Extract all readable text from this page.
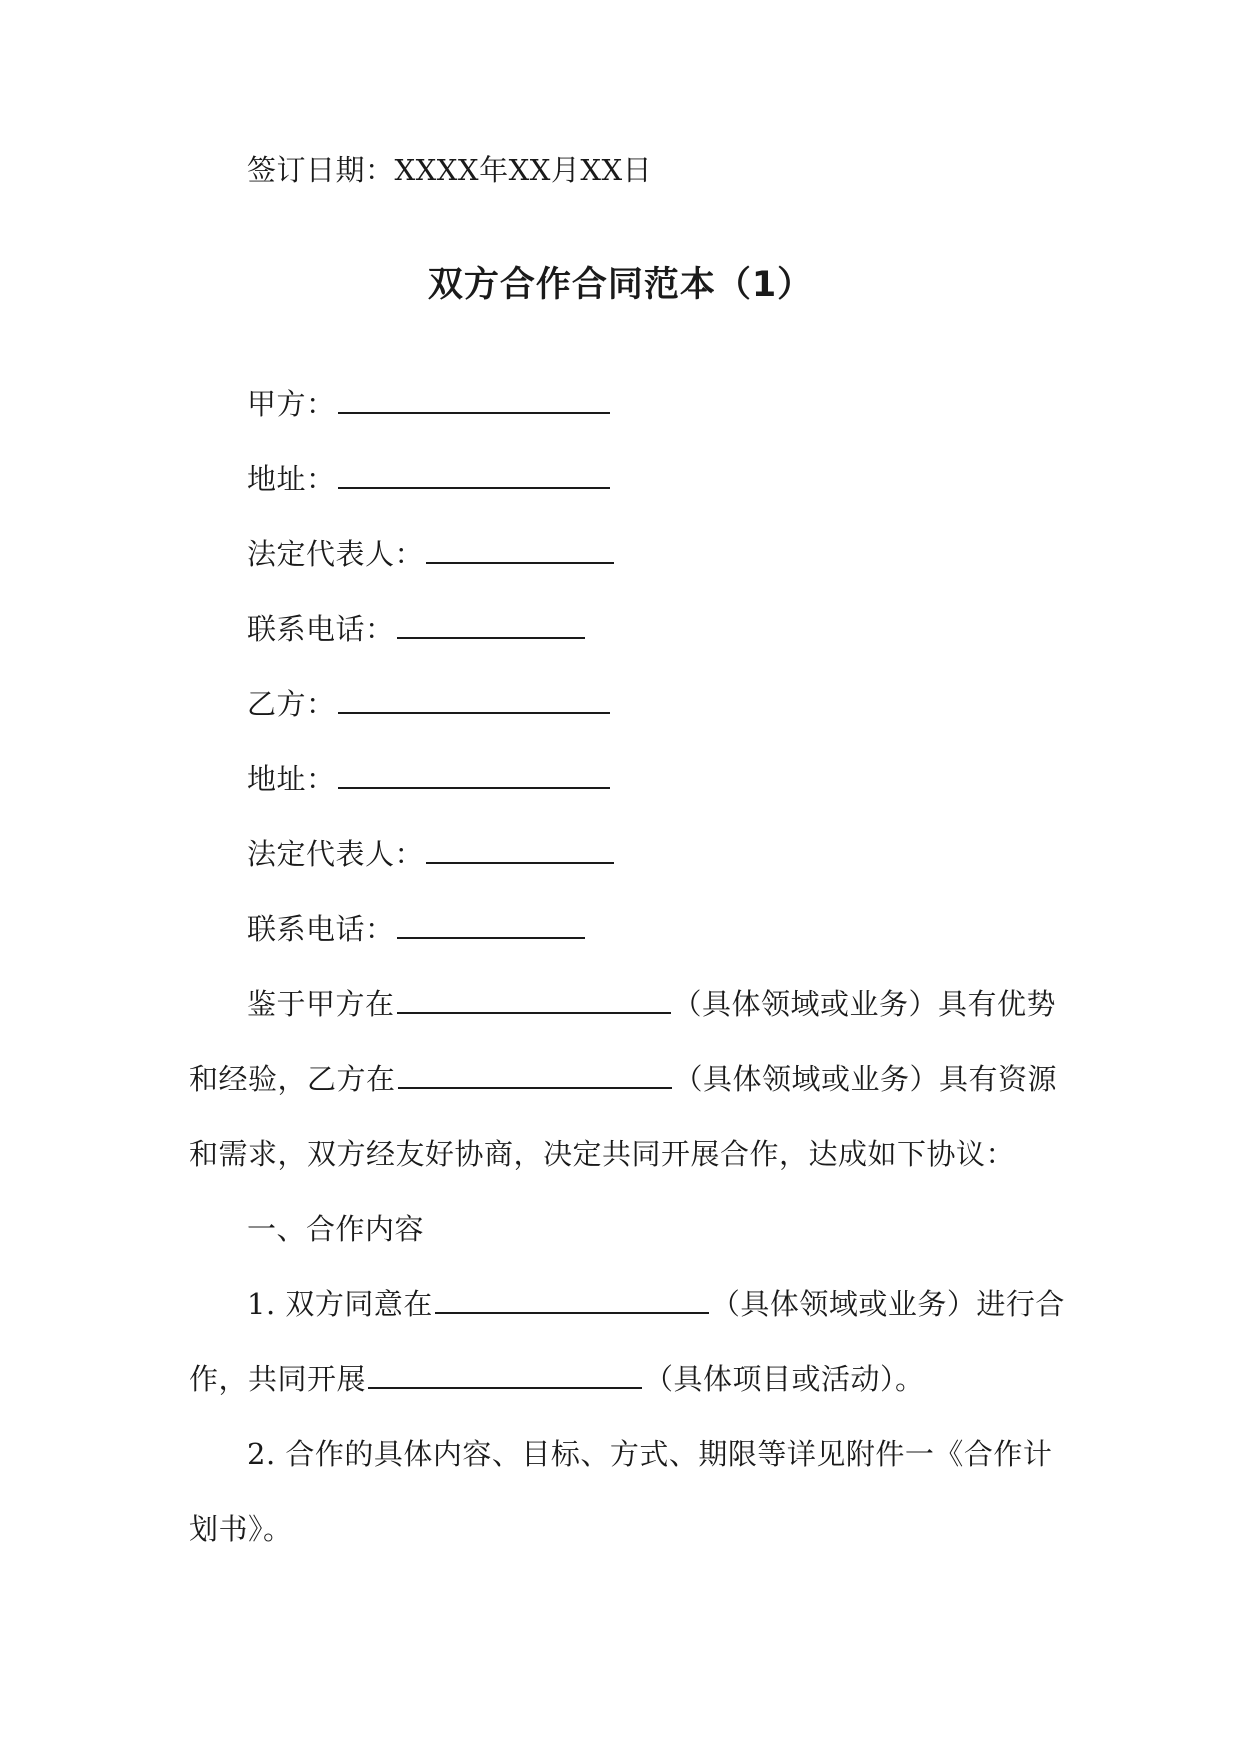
签订日期：XXXX年XX月XX日
双方合作合同范本（1）
甲方：
地址：
法定代表人：
联系电话：
乙方：
地址：
法定代表人：
联系电话：
鉴于甲方在	（具体领域或业务）具有优势
和经验，乙方在	（具体领域或业务）具有资源
和需求，双方经友好协商，决定共同开展合作，达成如下协议：
一、合作内容
1. 双方同意在	（具体领域或业务）进行合
作，共同开展	（具体项目或活动）。
2. 合作的具体内容、目标、方式、期限等详见附件一《合作计
划书》。
